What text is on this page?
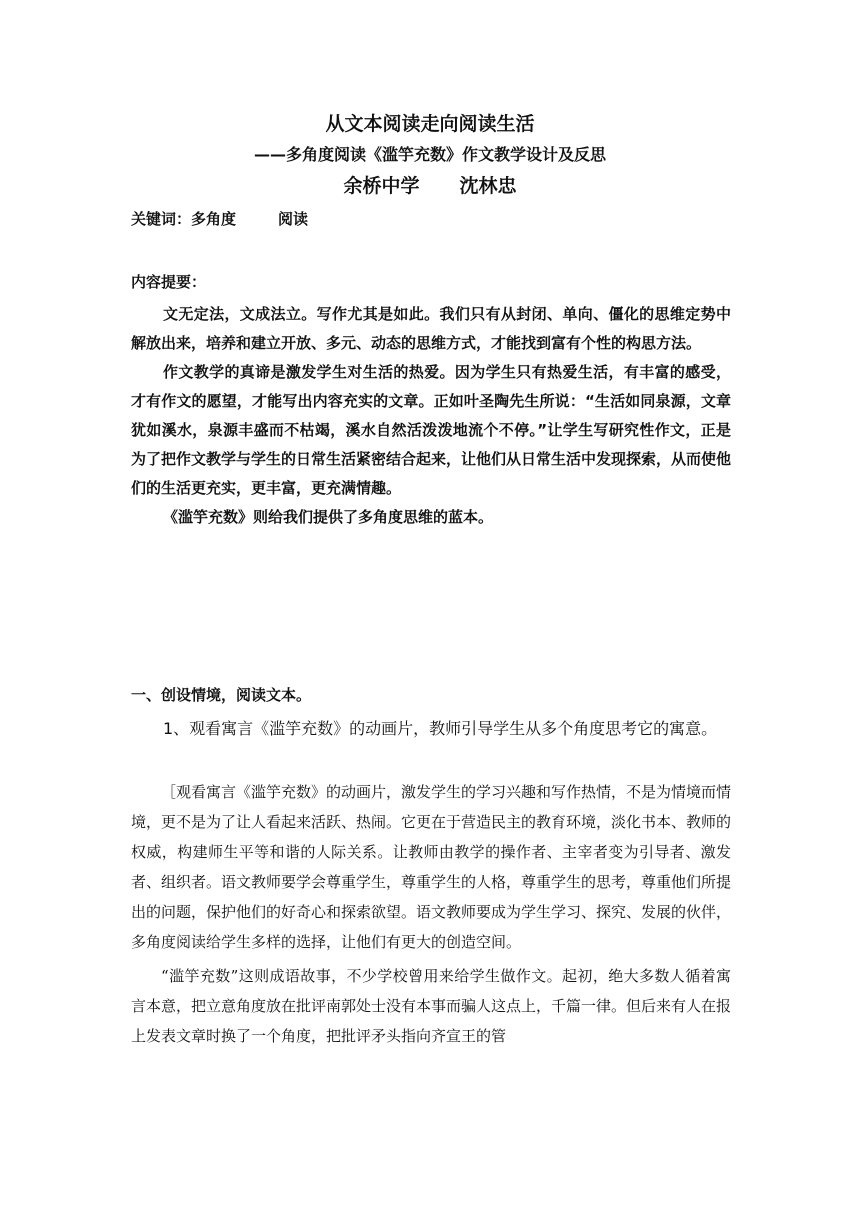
从文本阅读走向阅读生活
——多角度阅读《滥竽充数》作文教学设计及反思
余桥中学 沈林忠
关键词：多角度	阅读
内容提要：

文无定法，文成法立。写作尤其是如此。我们只有从封闭、单向、僵化的思维定势中解放出来，培养和建立开放、多元、动态的思维方式，才能找到富有个性的构思方法。

作文教学的真谛是激发学生对生活的热爱。因为学生只有热爱生活，有丰富的感受，才有作文的愿望，才能写出内容充实的文章。正如叶圣陶先生所说：“生活如同泉源，文章犹如溪水，泉源丰盛而不枯竭，溪水自然活泼泼地流个不停。”让学生写研究性作文，正是为了把作文教学与学生的日常生活紧密结合起来，让他们从日常生活中发现探索，从而使他们的生活更充实，更丰富，更充满情趣。

《滥竽充数》则给我们提供了多角度思维的蓝本。

一、创设情境，阅读文本。
1、观看寓言《滥竽充数》的动画片，教师引导学生从多个角度思考它的寓意。

［观看寓言《滥竽充数》的动画片，激发学生的学习兴趣和写作热情，不是为情境而情境，更不是为了让人看起来活跃、热闹。它更在于营造民主的教育环境，淡化书本、教师的权威，构建师生平等和谐的人际关系。让教师由教学的操作者、主宰者变为引导者、激发者、组织者。语文教师要学会尊重学生，尊重学生的人格，尊重学生的思考，尊重他们所提出的问题，保护他们的好奇心和探索欲望。语文教师要成为学生学习、探究、发展的伙伴，多角度阅读给学生多样的选择，让他们有更大的创造空间。

“滥竽充数”这则成语故事，不少学校曾用来给学生做作文。起初，绝大多数人循着寓言本意，把立意角度放在批评南郭处士没有本事而骗人这点上，千篇一律。但后来有人在报上发表文章时换了一个角度，把批评矛头指向齐宣王的管
